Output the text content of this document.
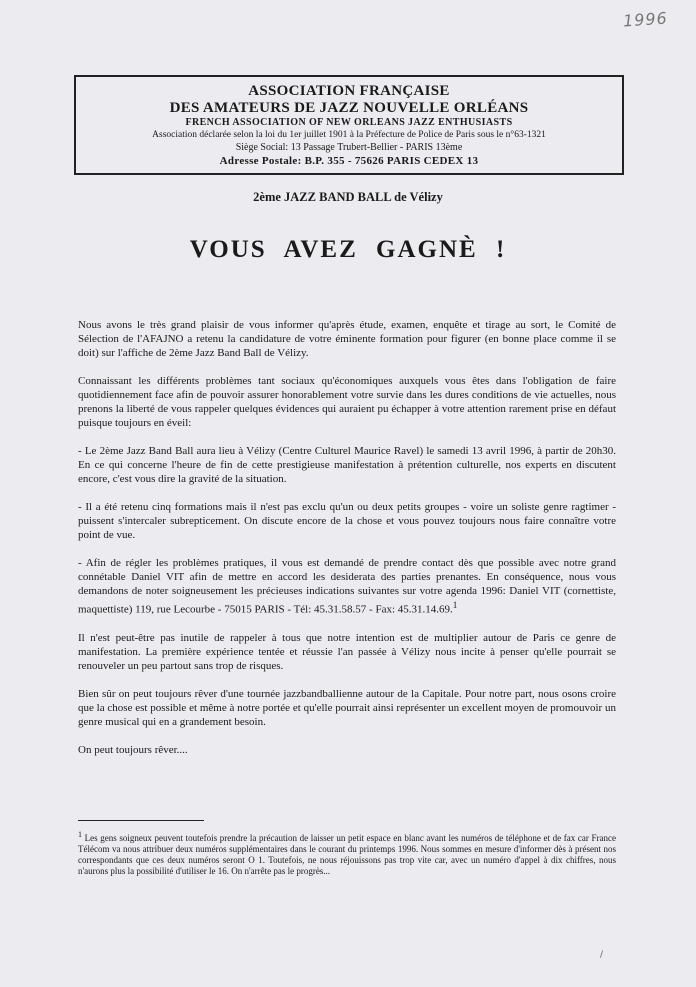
1996
ASSOCIATION FRANÇAISE
DES AMATEURS DE JAZZ NOUVELLE ORLÉANS
FRENCH ASSOCIATION OF NEW ORLEANS JAZZ ENTHUSIASTS
Association déclarée selon la loi du 1er juillet 1901 à la Préfecture de Police de Paris sous le n°63-1321
Siège Social: 13 Passage Trubert-Bellier - PARIS 13ème
Adresse Postale: B.P. 355 - 75626 PARIS CEDEX 13
2ème JAZZ BAND BALL de Vélizy
VOUS AVEZ GAGNÈ !

Nous avons le très grand plaisir de vous informer qu'après étude, examen, enquête et tirage au sort, le Comité de Sélection de l'AFAJNO a retenu la candidature de votre éminente formation pour figurer (en bonne place comme il se doit) sur l'affiche de 2ème Jazz Band Ball de Vélizy.

Connaissant les différents problèmes tant sociaux qu'économiques auxquels vous êtes dans l'obligation de faire quotidiennement face afin de pouvoir assurer honorablement votre survie dans les dures conditions de vie actuelles, nous prenons la liberté de vous rappeler quelques évidences qui auraient pu échapper à votre attention rarement prise en défaut puisque toujours en éveil:

- Le 2ème Jazz Band Ball aura lieu à Vélizy (Centre Culturel Maurice Ravel) le samedi 13 avril 1996, à partir de 20h30. En ce qui concerne l'heure de fin de cette prestigieuse manifestation à prétention culturelle, nos experts en discutent encore, c'est vous dire la gravité de la situation.

- Il a été retenu cinq formations mais il n'est pas exclu qu'un ou deux petits groupes - voire un soliste genre ragtimer - puissent s'intercaler subrepticement. On discute encore de la chose et vous pouvez toujours nous faire connaître votre point de vue.

- Afin de régler les problèmes pratiques, il vous est demandé de prendre contact dès que possible avec notre grand connétable Daniel VIT afin de mettre en accord les desiderata des parties prenantes. En conséquence, nous vous demandons de noter soigneusement les précieuses indications suivantes sur votre agenda 1996: Daniel VIT (cornettiste, maquettiste) 119, rue Lecourbe - 75015 PARIS - Tél: 45.31.58.57 - Fax: 45.31.14.69.$^1$

Il n'est peut-être pas inutile de rappeler à tous que notre intention est de multiplier autour de Paris ce genre de manifestation. La première expérience tentée et réussie l'an passée à Vélizy nous incite à penser qu'elle pourrait se renouveler un peu partout sans trop de risques.

Bien sûr on peut toujours rêver d'une tournée jazzbandballienne autour de la Capitale. Pour notre part, nous osons croire que la chose est possible et même à notre portée et qu'elle pourrait ainsi représenter un excellent moyen de promouvoir un genre musical qui en a grandement besoin.

On peut toujours rêver....

$^1$ Les gens soigneux peuvent toutefois prendre la précaution de laisser un petit espace en blanc avant les numéros de téléphone et de fax car France Télécom va nous attribuer deux numéros supplémentaires dans le courant du printemps 1996. Nous sommes en mesure d'informer dès à présent nos correspondants que ces deux numéros seront O 1. Toutefois, ne nous réjouissons pas trop vite car, avec un numéro d'appel à dix chiffres, nous n'aurons plus la possibilité d'utiliser le 16. On n'arrête pas le progrès...
/
